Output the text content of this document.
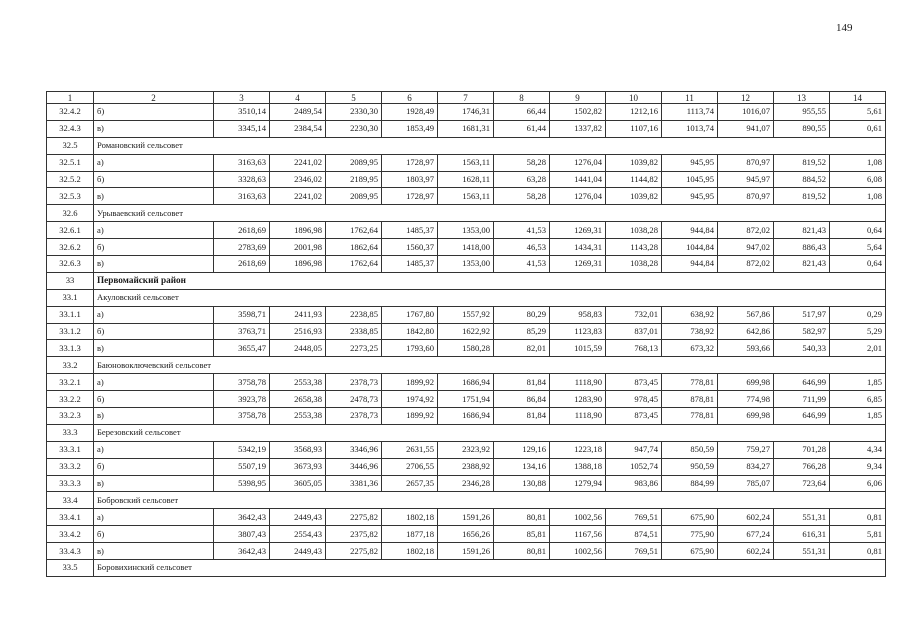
149
1	2	3	4	5	6	7	8	9	10	11	12	13	14
32.4.2	б)	3510,14	2489,54	2330,30	1928,49	1746,31	66,44	1502,82	1212,16	1113,74	1016,07	955,55	5,61
32.4.3	в)	3345,14	2384,54	2230,30	1853,49	1681,31	61,44	1337,82	1107,16	1013,74	941,07	890,55	0,61
32.5	Романовский сельсовет												
32.5.1	а)	3163,63	2241,02	2089,95	1728,97	1563,11	58,28	1276,04	1039,82	945,95	870,97	819,52	1,08
32.5.2	б)	3328,63	2346,02	2189,95	1803,97	1628,11	63,28	1441,04	1144,82	1045,95	945,97	884,52	6,08
32.5.3	в)	3163,63	2241,02	2089,95	1728,97	1563,11	58,28	1276,04	1039,82	945,95	870,97	819,52	1,08
32.6	Урываевский сельсовет												
32.6.1	а)	2618,69	1896,98	1762,64	1485,37	1353,00	41,53	1269,31	1038,28	944,84	872,02	821,43	0,64
32.6.2	б)	2783,69	2001,98	1862,64	1560,37	1418,00	46,53	1434,31	1143,28	1044,84	947,02	886,43	5,64
32.6.3	в)	2618,69	1896,98	1762,64	1485,37	1353,00	41,53	1269,31	1038,28	944,84	872,02	821,43	0,64
33	Первомайский район												
33.1	Акуловский сельсовет												
33.1.1	а)	3598,71	2411,93	2238,85	1767,80	1557,92	80,29	958,83	732,01	638,92	567,86	517,97	0,29
33.1.2	б)	3763,71	2516,93	2338,85	1842,80	1622,92	85,29	1123,83	837,01	738,92	642,86	582,97	5,29
33.1.3	в)	3655,47	2448,05	2273,25	1793,60	1580,28	82,01	1015,59	768,13	673,32	593,66	540,33	2,01
33.2	Баюновоключевский сельсовет												
33.2.1	а)	3758,78	2553,38	2378,73	1899,92	1686,94	81,84	1118,90	873,45	778,81	699,98	646,99	1,85
33.2.2	б)	3923,78	2658,38	2478,73	1974,92	1751,94	86,84	1283,90	978,45	878,81	774,98	711,99	6,85
33.2.3	в)	3758,78	2553,38	2378,73	1899,92	1686,94	81,84	1118,90	873,45	778,81	699,98	646,99	1,85
33.3	Березовский сельсовет												
33.3.1	а)	5342,19	3568,93	3346,96	2631,55	2323,92	129,16	1223,18	947,74	850,59	759,27	701,28	4,34
33.3.2	б)	5507,19	3673,93	3446,96	2706,55	2388,92	134,16	1388,18	1052,74	950,59	834,27	766,28	9,34
33.3.3	в)	5398,95	3605,05	3381,36	2657,35	2346,28	130,88	1279,94	983,86	884,99	785,07	723,64	6,06
33.4	Бобровский сельсовет												
33.4.1	а)	3642,43	2449,43	2275,82	1802,18	1591,26	80,81	1002,56	769,51	675,90	602,24	551,31	0,81
33.4.2	б)	3807,43	2554,43	2375,82	1877,18	1656,26	85,81	1167,56	874,51	775,90	677,24	616,31	5,81
33.4.3	в)	3642,43	2449,43	2275,82	1802,18	1591,26	80,81	1002,56	769,51	675,90	602,24	551,31	0,81
33.5	Боровихинский сельсовет												
